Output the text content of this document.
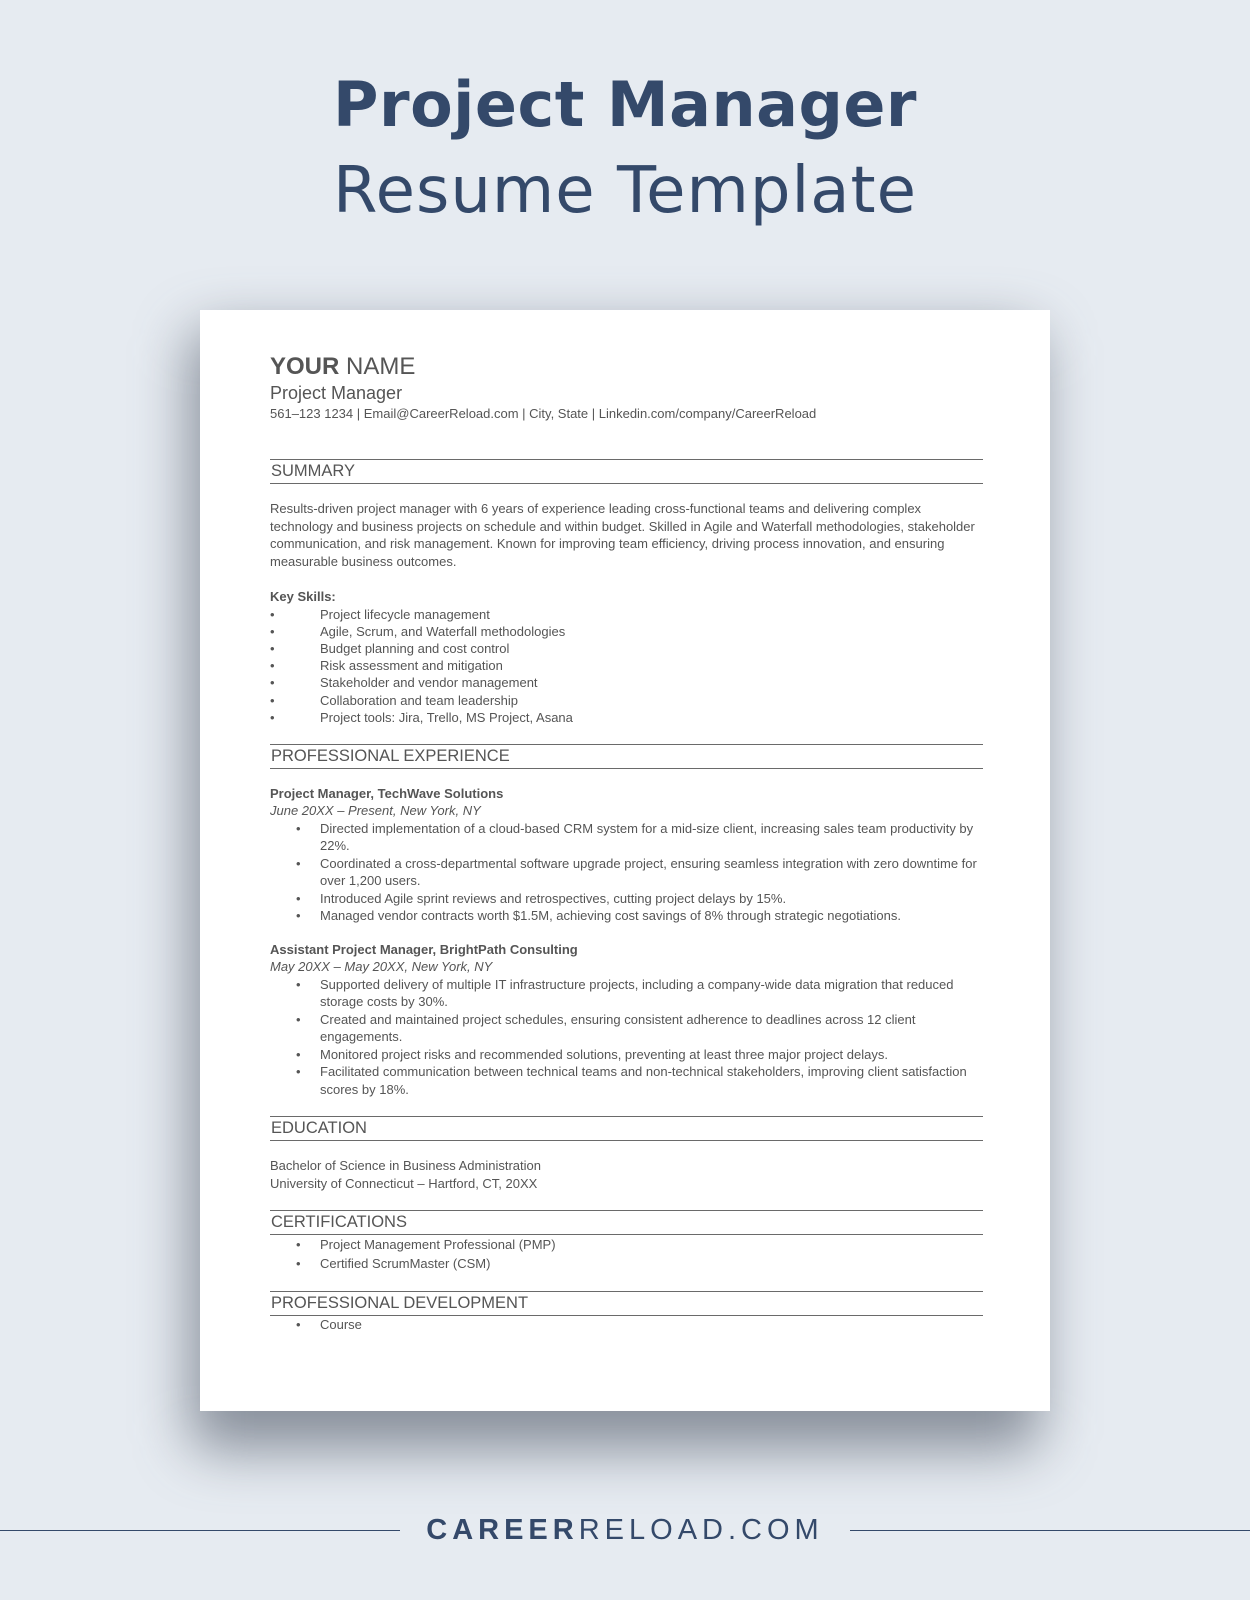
Project Manager
Resume Template
YOUR NAME
Project Manager
561–123 1234 | Email@CareerReload.com | City, State | Linkedin.com/company/CareerReload
SUMMARY
Results-driven project manager with 6 years of experience leading cross-functional teams and delivering complex technology and business projects on schedule and within budget. Skilled in Agile and Waterfall methodologies, stakeholder communication, and risk management. Known for improving team efficiency, driving process innovation, and ensuring measurable business outcomes.
Key Skills:
•	Project lifecycle management
•	Agile, Scrum, and Waterfall methodologies
•	Budget planning and cost control
•	Risk assessment and mitigation
•	Stakeholder and vendor management
•	Collaboration and team leadership
•	Project tools: Jira, Trello, MS Project, Asana
PROFESSIONAL EXPERIENCE
Project Manager, TechWave Solutions
June 20XX – Present, New York, NY
• Directed implementation of a cloud-based CRM system for a mid-size client, increasing sales team productivity by 22%.
• Coordinated a cross-departmental software upgrade project, ensuring seamless integration with zero downtime for over 1,200 users.
• Introduced Agile sprint reviews and retrospectives, cutting project delays by 15%.
• Managed vendor contracts worth $1.5M, achieving cost savings of 8% through strategic negotiations.
Assistant Project Manager, BrightPath Consulting
May 20XX – May 20XX, New York, NY
• Supported delivery of multiple IT infrastructure projects, including a company-wide data migration that reduced storage costs by 30%.
• Created and maintained project schedules, ensuring consistent adherence to deadlines across 12 client engagements.
• Monitored project risks and recommended solutions, preventing at least three major project delays.
• Facilitated communication between technical teams and non-technical stakeholders, improving client satisfaction scores by 18%.
EDUCATION
Bachelor of Science in Business Administration
University of Connecticut – Hartford, CT, 20XX
CERTIFICATIONS
• Project Management Professional (PMP)
• Certified ScrumMaster (CSM)
PROFESSIONAL DEVELOPMENT
• Course
CAREERRELOAD.COM
